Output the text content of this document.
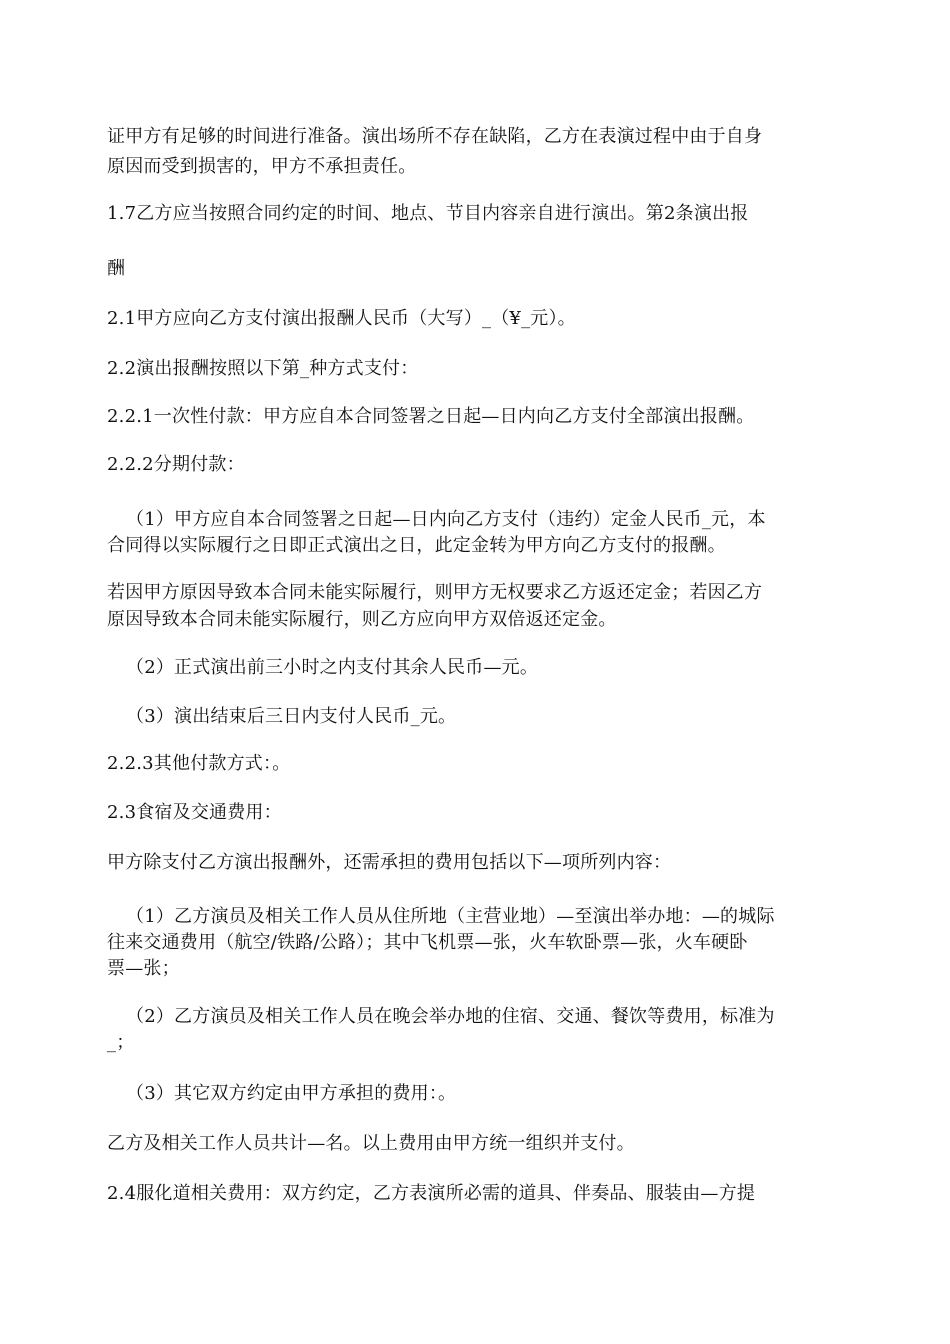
证甲方有足够的时间进行准备。演出场所不存在缺陷，乙方在表演过程中由于自身
原因而受到损害的，甲方不承担责任。
1.7乙方应当按照合同约定的时间、地点、节目内容亲自进行演出。第2条演出报
酬
2.1甲方应向乙方支付演出报酬人民币（大写）_（¥_元）。
2.2演出报酬按照以下第_种方式支付：
2.2.1一次性付款：甲方应自本合同签署之日起—日内向乙方支付全部演出报酬。
2.2.2分期付款：
（1）甲方应自本合同签署之日起—日内向乙方支付（违约）定金人民币_元，本
合同得以实际履行之日即正式演出之日，此定金转为甲方向乙方支付的报酬。
若因甲方原因导致本合同未能实际履行，则甲方无权要求乙方返还定金；若因乙方
原因导致本合同未能实际履行，则乙方应向甲方双倍返还定金。
（2）正式演出前三小时之内支付其余人民币—元。
（3）演出结束后三日内支付人民币_元。
2.2.3其他付款方式：。
2.3食宿及交通费用：
甲方除支付乙方演出报酬外，还需承担的费用包括以下—项所列内容：
（1）乙方演员及相关工作人员从住所地（主营业地）—至演出举办地：—的城际
往来交通费用（航空/铁路/公路）；其中飞机票—张，火车软卧票—张，火车硬卧
票—张；
（2）乙方演员及相关工作人员在晚会举办地的住宿、交通、餐饮等费用，标准为
_；
（3）其它双方约定由甲方承担的费用：。
乙方及相关工作人员共计—名。以上费用由甲方统一组织并支付。
2.4服化道相关费用：双方约定，乙方表演所必需的道具、伴奏品、服装由—方提
